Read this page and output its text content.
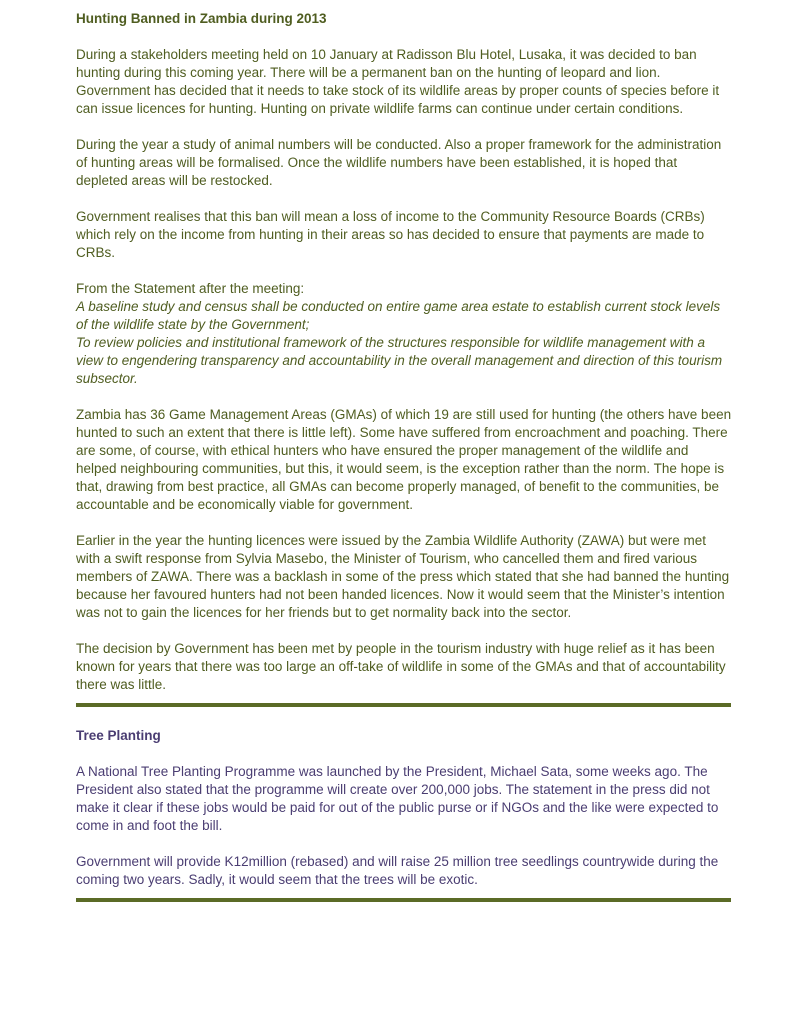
Hunting Banned in Zambia during 2013

During a stakeholders meeting held on 10 January at Radisson Blu Hotel, Lusaka, it was decided to ban hunting during this coming year. There will be a permanent ban on the hunting of leopard and lion. Government has decided that it needs to take stock of its wildlife areas by proper counts of species before it can issue licences for hunting. Hunting on private wildlife farms can continue under certain conditions.

During the year a study of animal numbers will be conducted. Also a proper framework for the administration of hunting areas will be formalised. Once the wildlife numbers have been established, it is hoped that depleted areas will be restocked.

Government realises that this ban will mean a loss of income to the Community Resource Boards (CRBs) which rely on the income from hunting in their areas so has decided to ensure that payments are made to CRBs.

From the Statement after the meeting:

A baseline study and census shall be conducted on entire game area estate to establish current stock levels of the wildlife state by the Government;

To review policies and institutional framework of the structures responsible for wildlife management with a view to engendering transparency and accountability in the overall management and direction of this tourism subsector.

Zambia has 36 Game Management Areas (GMAs) of which 19 are still used for hunting (the others have been hunted to such an extent that there is little left). Some have suffered from encroachment and poaching. There are some, of course, with ethical hunters who have ensured the proper management of the wildlife and helped neighbouring communities, but this, it would seem, is the exception rather than the norm. The hope is that, drawing from best practice, all GMAs can become properly managed, of benefit to the communities, be accountable and be economically viable for government.

Earlier in the year the hunting licences were issued by the Zambia Wildlife Authority (ZAWA) but were met with a swift response from Sylvia Masebo, the Minister of Tourism, who cancelled them and fired various members of ZAWA. There was a backlash in some of the press which stated that she had banned the hunting because her favoured hunters had not been handed licences. Now it would seem that the Minister’s intention was not to gain the licences for her friends but to get normality back into the sector.

The decision by Government has been met by people in the tourism industry with huge relief as it has been known for years that there was too large an off-take of wildlife in some of the GMAs and that of accountability there was little.

Tree Planting

A National Tree Planting Programme was launched by the President, Michael Sata, some weeks ago. The President also stated that the programme will create over 200,000 jobs. The statement in the press did not make it clear if these jobs would be paid for out of the public purse or if NGOs and the like were expected to come in and foot the bill.

Government will provide K12million (rebased) and will raise 25 million tree seedlings countrywide during the coming two years. Sadly, it would seem that the trees will be exotic.
